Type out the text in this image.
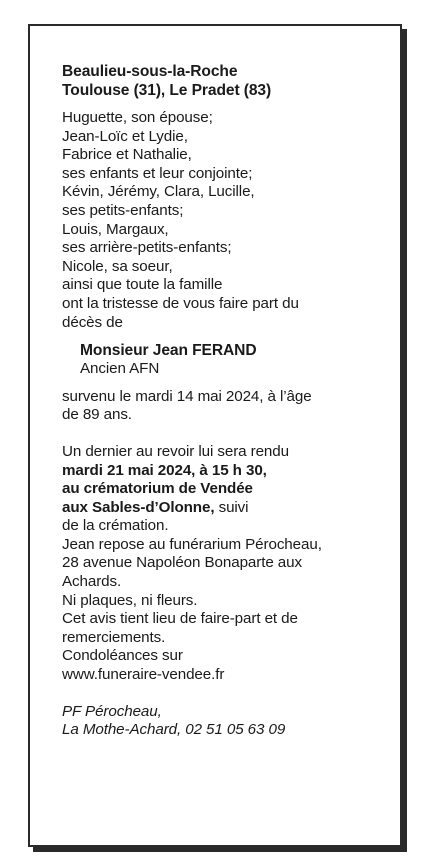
Beaulieu-sous-la-Roche
Toulouse (31), Le Pradet (83)
Huguette, son épouse;
Jean-Loïc et Lydie,
Fabrice et Nathalie,
ses enfants et leur conjointe;
Kévin, Jérémy, Clara, Lucille,
ses petits-enfants;
Louis, Margaux,
ses arrière-petits-enfants;
Nicole, sa soeur,
ainsi que toute la famille
ont la tristesse de vous faire part du
décès de
Monsieur Jean FERAND
Ancien AFN
survenu le mardi 14 mai 2024, à l’âge
de 89 ans.
Un dernier au revoir lui sera rendu
mardi 21 mai 2024, à 15 h 30,
au crématorium de Vendée
aux Sables-d’Olonne, suivi
de la crémation.
Jean repose au funérarium Pérocheau,
28 avenue Napoléon Bonaparte aux
Achards.
Ni plaques, ni fleurs.
Cet avis tient lieu de faire-part et de
remerciements.
Condoléances sur
www.funeraire-vendee.fr
PF Pérocheau,
La Mothe-Achard, 02 51 05 63 09
